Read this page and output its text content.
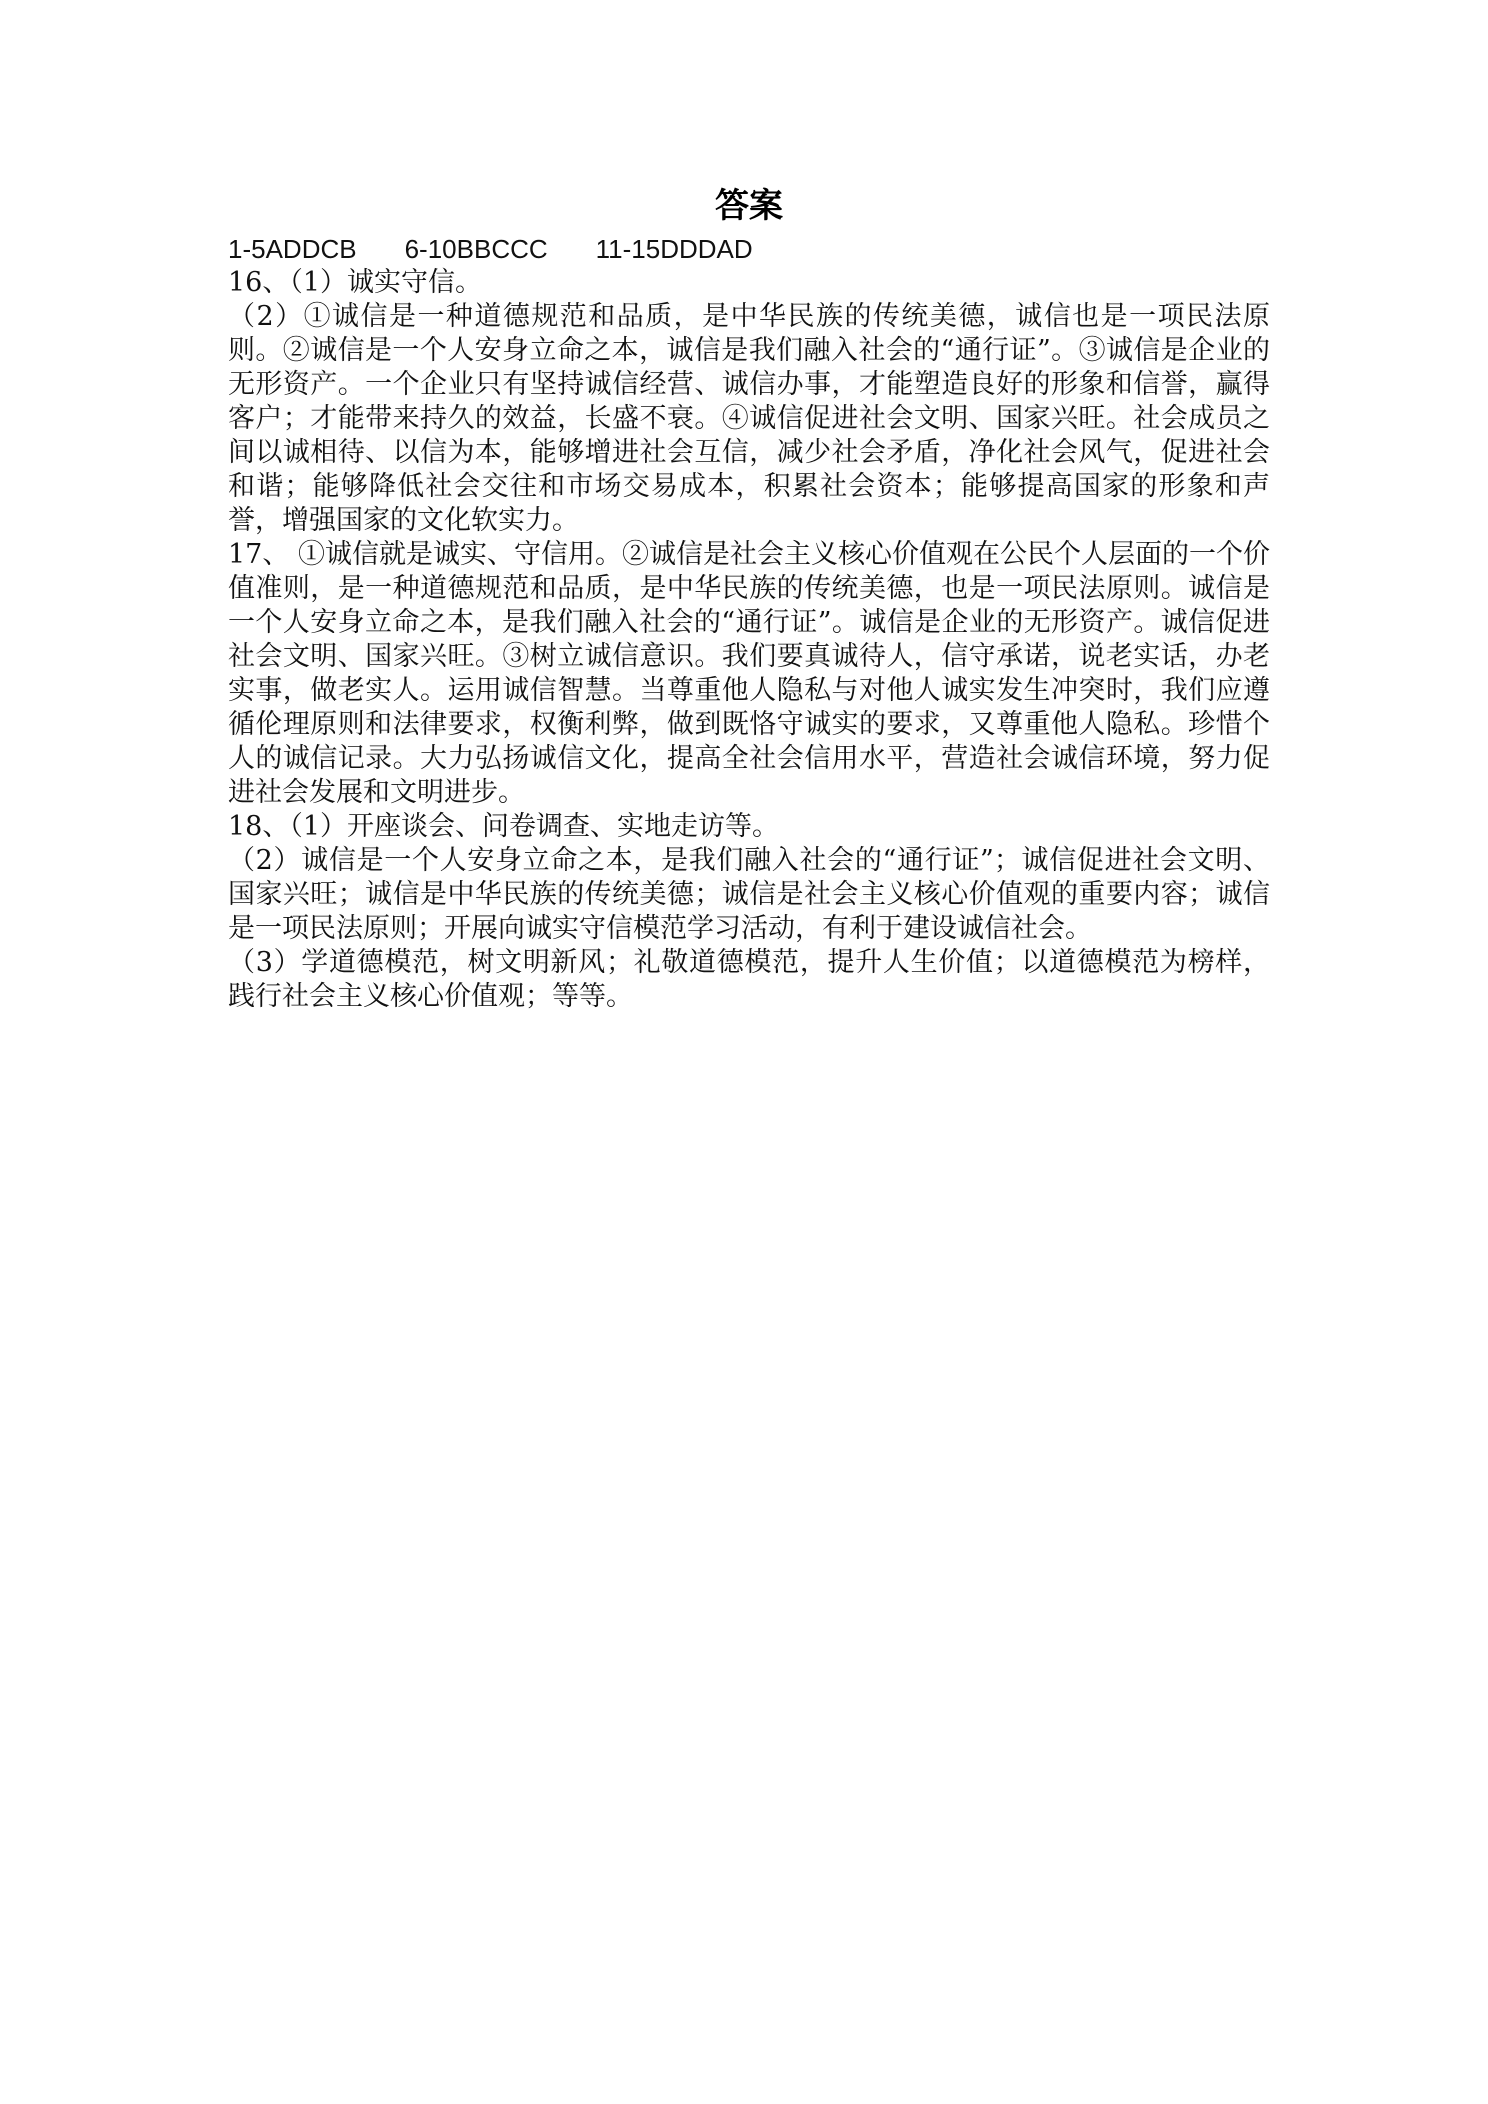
答案
1-5ADDCB 6-10BBCCC 11-15DDDAD

16、（1）诚实守信。

（2）①诚信是一种道德规范和品质，是中华民族的传统美德，诚信也是一项民法原则。②诚信是一个人安身立命之本，诚信是我们融入社会的“通行证”。③诚信是企业的无形资产。一个企业只有坚持诚信经营、诚信办事，才能塑造良好的形象和信誉，赢得客户；才能带来持久的效益，长盛不衰。④诚信促进社会文明、国家兴旺。社会成员之间以诚相待、以信为本，能够增进社会互信，减少社会矛盾，净化社会风气，促进社会和谐；能够降低社会交往和市场交易成本，积累社会资本；能够提高国家的形象和声誉，增强国家的文化软实力。

17、 ①诚信就是诚实、守信用。②诚信是社会主义核心价值观在公民个人层面的一个价值准则，是一种道德规范和品质，是中华民族的传统美德，也是一项民法原则。诚信是一个人安身立命之本，是我们融入社会的“通行证”。诚信是企业的无形资产。诚信促进社会文明、国家兴旺。③树立诚信意识。我们要真诚待人，信守承诺，说老实话，办老实事，做老实人。运用诚信智慧。当尊重他人隐私与对他人诚实发生冲突时，我们应遵循伦理原则和法律要求，权衡利弊，做到既恪守诚实的要求，又尊重他人隐私。珍惜个人的诚信记录。大力弘扬诚信文化，提高全社会信用水平，营造社会诚信环境，努力促进社会发展和文明进步。

18、（1）开座谈会、问卷调查、实地走访等。

（2）诚信是一个人安身立命之本，是我们融入社会的“通行证”；诚信促进社会文明、国家兴旺；诚信是中华民族的传统美德；诚信是社会主义核心价值观的重要内容；诚信是一项民法原则；开展向诚实守信模范学习活动，有利于建设诚信社会。

（3）学道德模范，树文明新风；礼敬道德模范，提升人生价值；以道德模范为榜样，践行社会主义核心价值观；等等。
